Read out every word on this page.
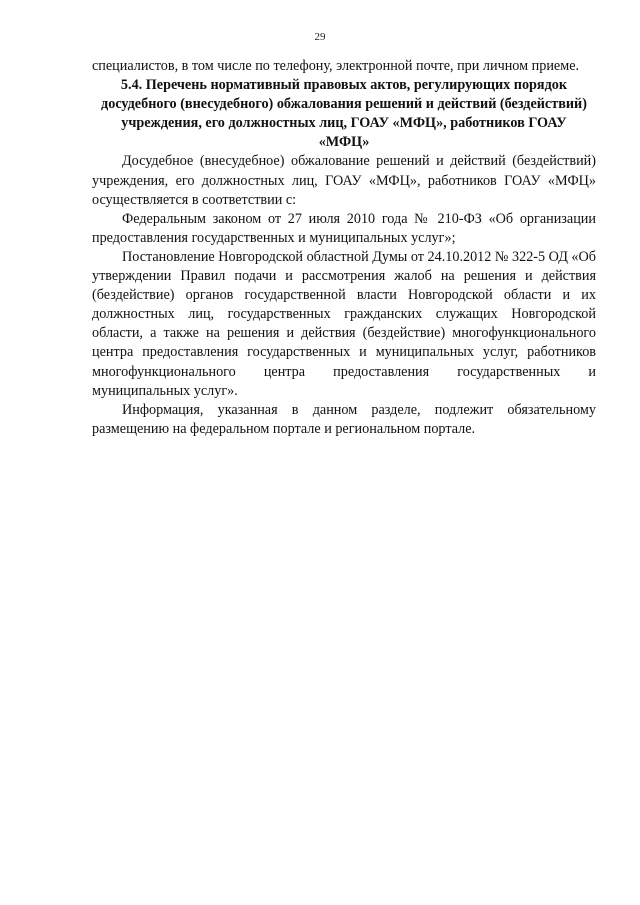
29

специалистов, в том числе по телефону, электронной почте, при личном приеме.

5.4. Перечень нормативный правовых актов, регулирующих порядок досудебного (внесудебного) обжалования решений и действий (бездействий) учреждения, его должностных лиц, ГОАУ «МФЦ», работников ГОАУ «МФЦ»

Досудебное (внесудебное) обжалование решений и действий (бездействий) учреждения, его должностных лиц, ГОАУ «МФЦ», работников ГОАУ «МФЦ» осуществляется в соответствии с:

Федеральным законом от 27 июля 2010 года № 210-ФЗ «Об организации предоставления государственных и муниципальных услуг»;

Постановление Новгородской областной Думы от 24.10.2012 № 322-5 ОД «Об утверждении Правил подачи и рассмотрения жалоб на решения и действия (бездействие) органов государственной власти Новгородской области и их должностных лиц, государственных гражданских служащих Новгородской области, а также на решения и действия (бездействие) многофункционального центра предоставления государственных и муниципальных услуг, работников многофункционального центра предоставления государственных и муниципальных услуг».

Информация, указанная в данном разделе, подлежит обязательному размещению на федеральном портале и региональном портале.
